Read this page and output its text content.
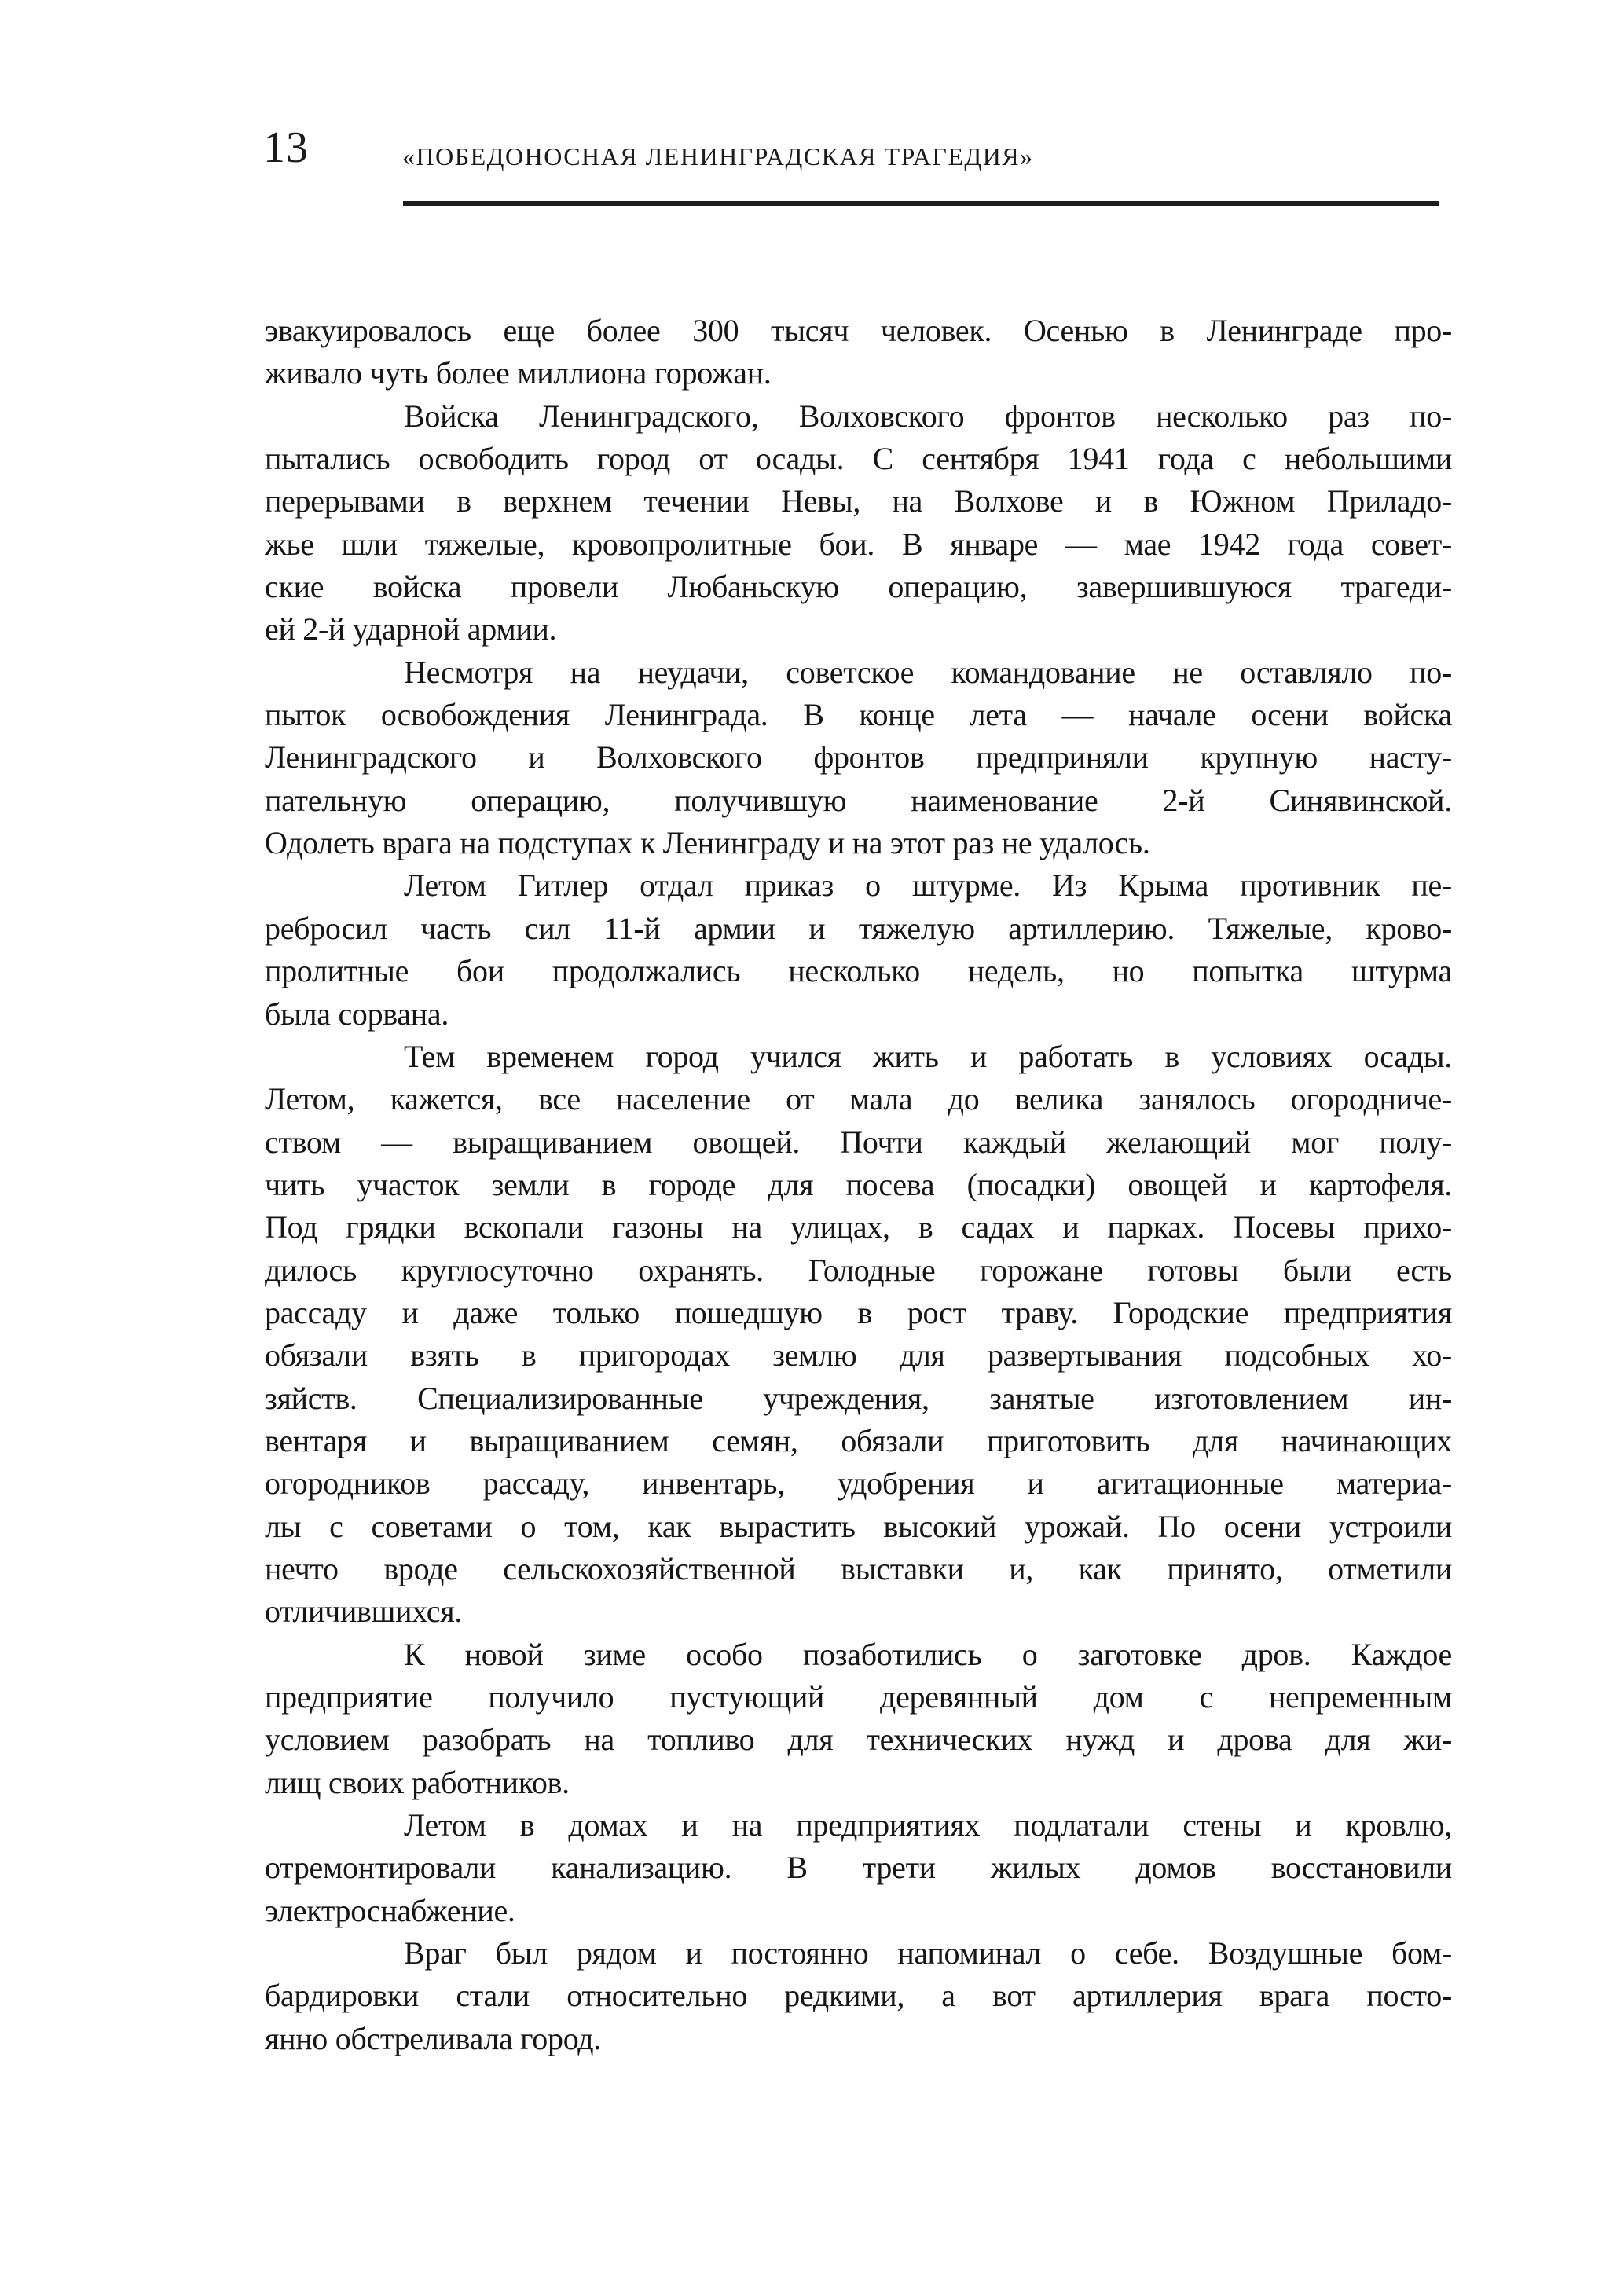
13	«ПОБЕДОНОСНАЯ ЛЕНИНГРАДСКАЯ ТРАГЕДИЯ»
эвакуировалось еще более 300 тысяч человек. Осенью в Ленинграде про-
живало чуть более миллиона горожан.
Войска Ленинградского, Волховского фронтов несколько раз по-
пытались освободить город от осады. С сентября 1941 года с небольшими
перерывами в верхнем течении Невы, на Волхове и в Южном Приладо-
жье шли тяжелые, кровопролитные бои. В январе — мае 1942 года совет-
ские войска провели Любаньскую операцию, завершившуюся трагеди-
ей 2-й ударной армии.
Несмотря на неудачи, советское командование не оставляло по-
пыток освобождения Ленинграда. В конце лета — начале осени войска
Ленинградского и Волховского фронтов предприняли крупную насту-
пательную операцию, получившую наименование 2-й Синявинской.
Одолеть врага на подступах к Ленинграду и на этот раз не удалось.
Летом Гитлер отдал приказ о штурме. Из Крыма противник пе-
ребросил часть сил 11-й армии и тяжелую артиллерию. Тяжелые, крово-
пролитные бои продолжались несколько недель, но попытка штурма
была сорвана.
Тем временем город учился жить и работать в условиях осады.
Летом, кажется, все население от мала до велика занялось огородниче-
ством — выращиванием овощей. Почти каждый желающий мог полу-
чить участок земли в городе для посева (посадки) овощей и картофеля.
Под грядки вскопали газоны на улицах, в садах и парках. Посевы прихо-
дилось круглосуточно охранять. Голодные горожане готовы были есть
рассаду и даже только пошедшую в рост траву. Городские предприятия
обязали взять в пригородах землю для развертывания подсобных хо-
зяйств. Специализированные учреждения, занятые изготовлением ин-
вентаря и выращиванием семян, обязали приготовить для начинающих
огородников рассаду, инвентарь, удобрения и агитационные материа-
лы с советами о том, как вырастить высокий урожай. По осени устроили
нечто вроде сельскохозяйственной выставки и, как принято, отметили
отличившихся.
К новой зиме особо позаботились о заготовке дров. Каждое
предприятие получило пустующий деревянный дом с непременным
условием разобрать на топливо для технических нужд и дрова для жи-
лищ своих работников.
Летом в домах и на предприятиях подлатали стены и кровлю,
отремонтировали канализацию. В трети жилых домов восстановили
электроснабжение.
Враг был рядом и постоянно напоминал о себе. Воздушные бом-
бардировки стали относительно редкими, а вот артиллерия врага посто-
янно обстреливала город.
